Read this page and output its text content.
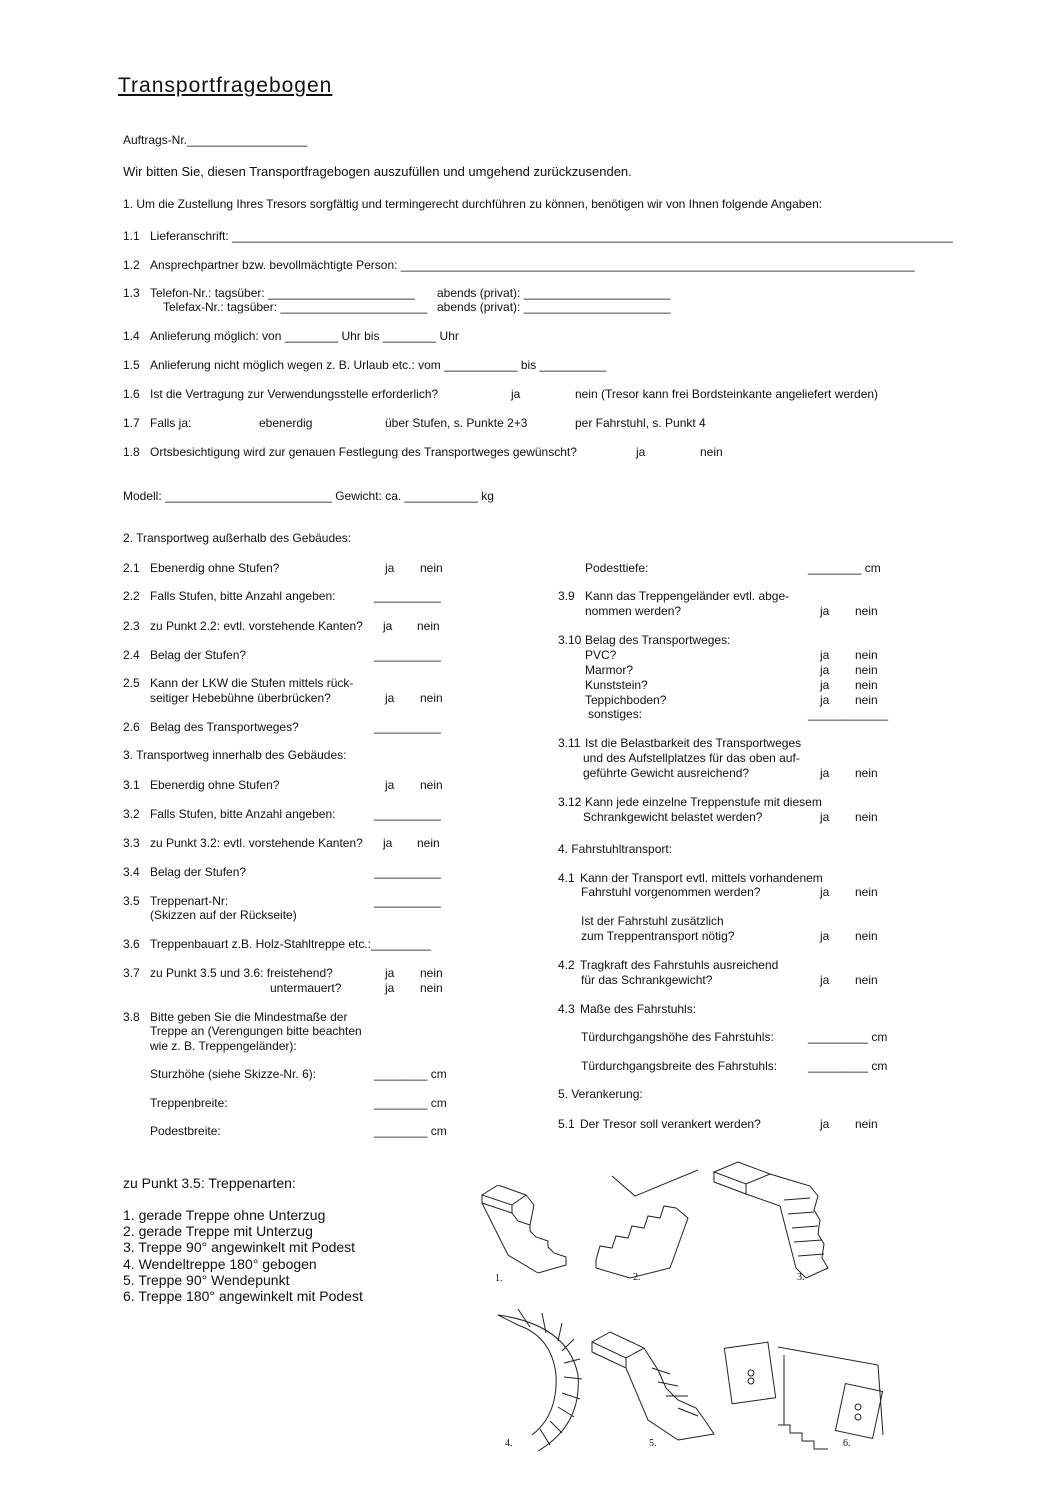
Transportfragebogen
Auftrags-Nr.__________________
Wir bitten Sie, diesen Transportfragebogen auszufüllen und umgehend zurückzusenden.
1. Um die Zustellung Ihres Tresors sorgfältig und termingerecht durchführen zu können, benötigen wir von Ihnen folgende Angaben:
1.1 Lieferanschrift: ____________________________________________________________________________________________________________
1.2 Ansprechpartner bzw. bevollmächtigte Person: _____________________________________________________________________________
1.3 Telefon-Nr.: tagsüber: ______________________ abends (privat): ______________________
Telefax-Nr.: tagsüber: ______________________ abends (privat): ______________________
1.4 Anlieferung möglich: von ________ Uhr bis ________ Uhr
1.5 Anlieferung nicht möglich wegen z. B. Urlaub etc.: vom ___________ bis __________
1.6 Ist die Vertragung zur Verwendungsstelle erforderlich?	ja	nein (Tresor kann frei Bordsteinkante angeliefert werden)
1.7 Falls ja:	ebenerdig	über Stufen, s. Punkte 2+3	per Fahrstuhl, s. Punkt 4
1.8 Ortsbesichtigung wird zur genauen Festlegung des Transportweges gewünscht?	ja	nein
Modell: _________________________ Gewicht: ca. ___________ kg
2. Transportweg außerhalb des Gebäudes:
2.1 Ebenerdig ohne Stufen?	ja nein
2.2 Falls Stufen, bitte Anzahl angeben:	__________
2.3 zu Punkt 2.2: evtl. vorstehende Kanten? ja nein
2.4 Belag der Stufen?	__________
2.5 Kann der LKW die Stufen mittels rück-
seitiger Hebebühne überbrücken?	ja nein
2.6 Belag des Transportweges?	__________
3. Transportweg innerhalb des Gebäudes:
3.1 Ebenerdig ohne Stufen?	ja nein
3.2 Falls Stufen, bitte Anzahl angeben:	__________
3.3 zu Punkt 3.2: evtl. vorstehende Kanten? ja nein
3.4 Belag der Stufen?	__________
3.5 Treppenart-Nr:
(Skizzen auf der Rückseite)
__________
3.6 Treppenbauart z.B. Holz-Stahltreppe etc.:_________
3.7 zu Punkt 3.5 und 3.6: freistehend?	ja nein
untermauert?	ja nein
3.8 Bitte geben Sie die Mindestmaße der
Treppe an (Verengungen bitte beachten
wie z. B. Treppengeländer):
Sturzhöhe (siehe Skizze-Nr. 6):	________ cm
Treppenbreite:	________ cm
Podestbreite:	________ cm
Podesttiefe:	________ cm
3.9 Kann das Treppengeländer evtl. abge-
nommen werden?	ja nein
3.10 Belag des Transportweges:
PVC?	ja nein
Marmor?	ja nein
Kunststein?	ja nein
Teppichboden?	ja nein
sonstiges:	____________
3.11 Ist die Belastbarkeit des Transportweges
und des Aufstellplatzes für das oben auf-
geführte Gewicht ausreichend?	ja nein
3.12 Kann jede einzelne Treppenstufe mit diesem
Schrankgewicht belastet werden?	ja nein
4. Fahrstuhltransport:
4.1 Kann der Transport evtl. mittels vorhandenem
Fahrstuhl vorgenommen werden?	ja nein
Ist der Fahrstuhl zusätzlich
zum Treppentransport nötig?	ja nein
4.2 Tragkraft des Fahrstuhls ausreichend
für das Schrankgewicht?	ja nein
4.3 Maße des Fahrstuhls:
Türdurchgangshöhe des Fahrstuhls:	_________ cm
Türdurchgangsbreite des Fahrstuhls:	_________ cm
5. Verankerung:
5.1 Der Tresor soll verankert werden?	ja nein
zu Punkt 3.5: Treppenarten:
1. gerade Treppe ohne Unterzug
2. gerade Treppe mit Unterzug
3. Treppe 90° angewinkelt mit Podest
4. Wendeltreppe 180° gebogen
5. Treppe 90° Wendepunkt
6. Treppe 180° angewinkelt mit Podest
1.	2.	3.
4.	5.	6.
